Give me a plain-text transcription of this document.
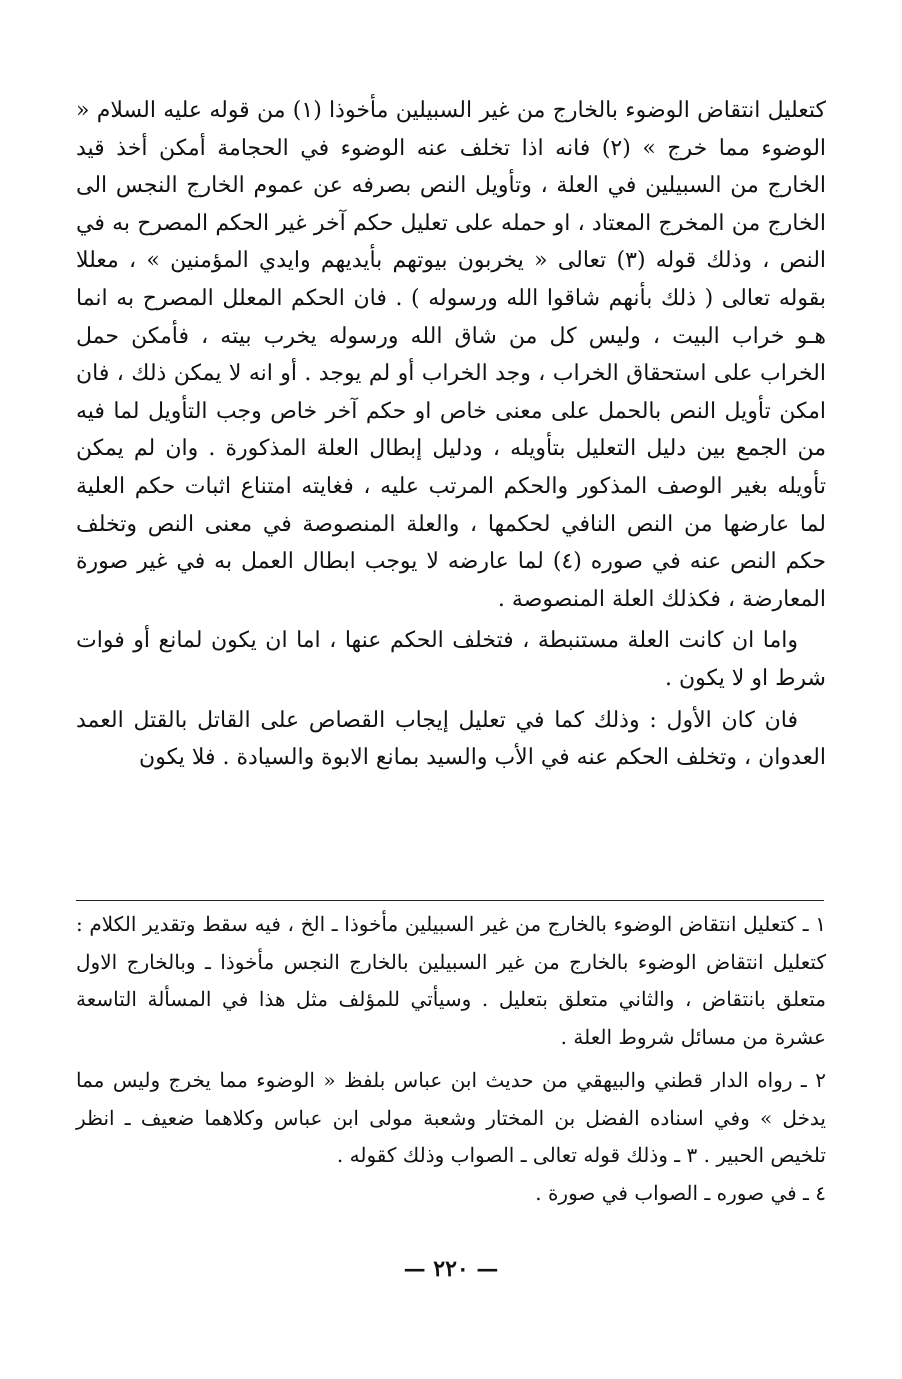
كتعليل انتقاض الوضوء بالخارج من غير السبيلين مأخوذا (١) من قوله عليه السلام « الوضوء مما خرج » (٢) فانه اذا تخلف عنه الوضوء في الحجامة أمكن أخذ قيد الخارج من السبيلين في العلة ، وتأويل النص بصرفه عن عموم الخارج النجس الى الخارج من المخرج المعتاد ، او حمله على تعليل حكم آخر غير الحكم المصرح به في النص ، وذلك قوله (٣) تعالى « يخربون بيوتهم بأيديهم وايدي المؤمنين » ، معللا بقوله تعالى ( ذلك بأنهم شاقوا الله ورسوله ) . فان الحكم المعلل المصرح به انما هـو خراب البيت ، وليس كل من شاق الله ورسوله يخرب بيته ، فأمكن حمل الخراب على استحقاق الخراب ، وجد الخراب أو لم يوجد . أو انه لا يمكن ذلك ، فان امكن تأويل النص بالحمل على معنى خاص او حكم آخر خاص وجب التأويل لما فيه من الجمع بين دليل التعليل بتأويله ، ودليل إبطال العلة المذكورة . وان لم يمكن تأويله بغير الوصف المذكور والحكم المرتب عليه ، فغايته امتناع اثبات حكم العلية لما عارضها من النص النافي لحكمها ، والعلة المنصوصة في معنى النص وتخلف حكم النص عنه في صوره (٤) لما عارضه لا يوجب ابطال العمل به في غير صورة المعارضة ، فكذلك العلة المنصوصة .

واما ان كانت العلة مستنبطة ، فتخلف الحكم عنها ، اما ان يكون لمانع أو فوات شرط او لا يكون .

فان كان الأول : وذلك كما في تعليل إيجاب القصاص على القاتل بالقتل العمد العدوان ، وتخلف الحكم عنه في الأب والسيد بمانع الابوة والسيادة . فلا يكون

١ ـ كتعليل انتقاض الوضوء بالخارج من غير السبيلين مأخوذا ـ الخ ، فيه سقط وتقدير الكلام : كتعليل انتقاض الوضوء بالخارج من غير السبيلين بالخارج النجس مأخوذا ـ وبالخارج الاول متعلق بانتقاض ، والثاني متعلق بتعليل . وسيأتي للمؤلف مثل هذا في المسألة التاسعة عشرة من مسائل شروط العلة .

٢ ـ رواه الدار قطني والبيهقي من حديث ابن عباس بلفظ « الوضوء مما يخرج وليس مما يدخل » وفي اسناده الفضل بن المختار وشعبة مولى ابن عباس وكلاهما ضعيف ـ انظر تلخيص الحبير . ٣ ـ وذلك قوله تعالى ـ الصواب وذلك كقوله .

٤ ـ في صوره ـ الصواب في صورة .

— ٢٢٠ —
